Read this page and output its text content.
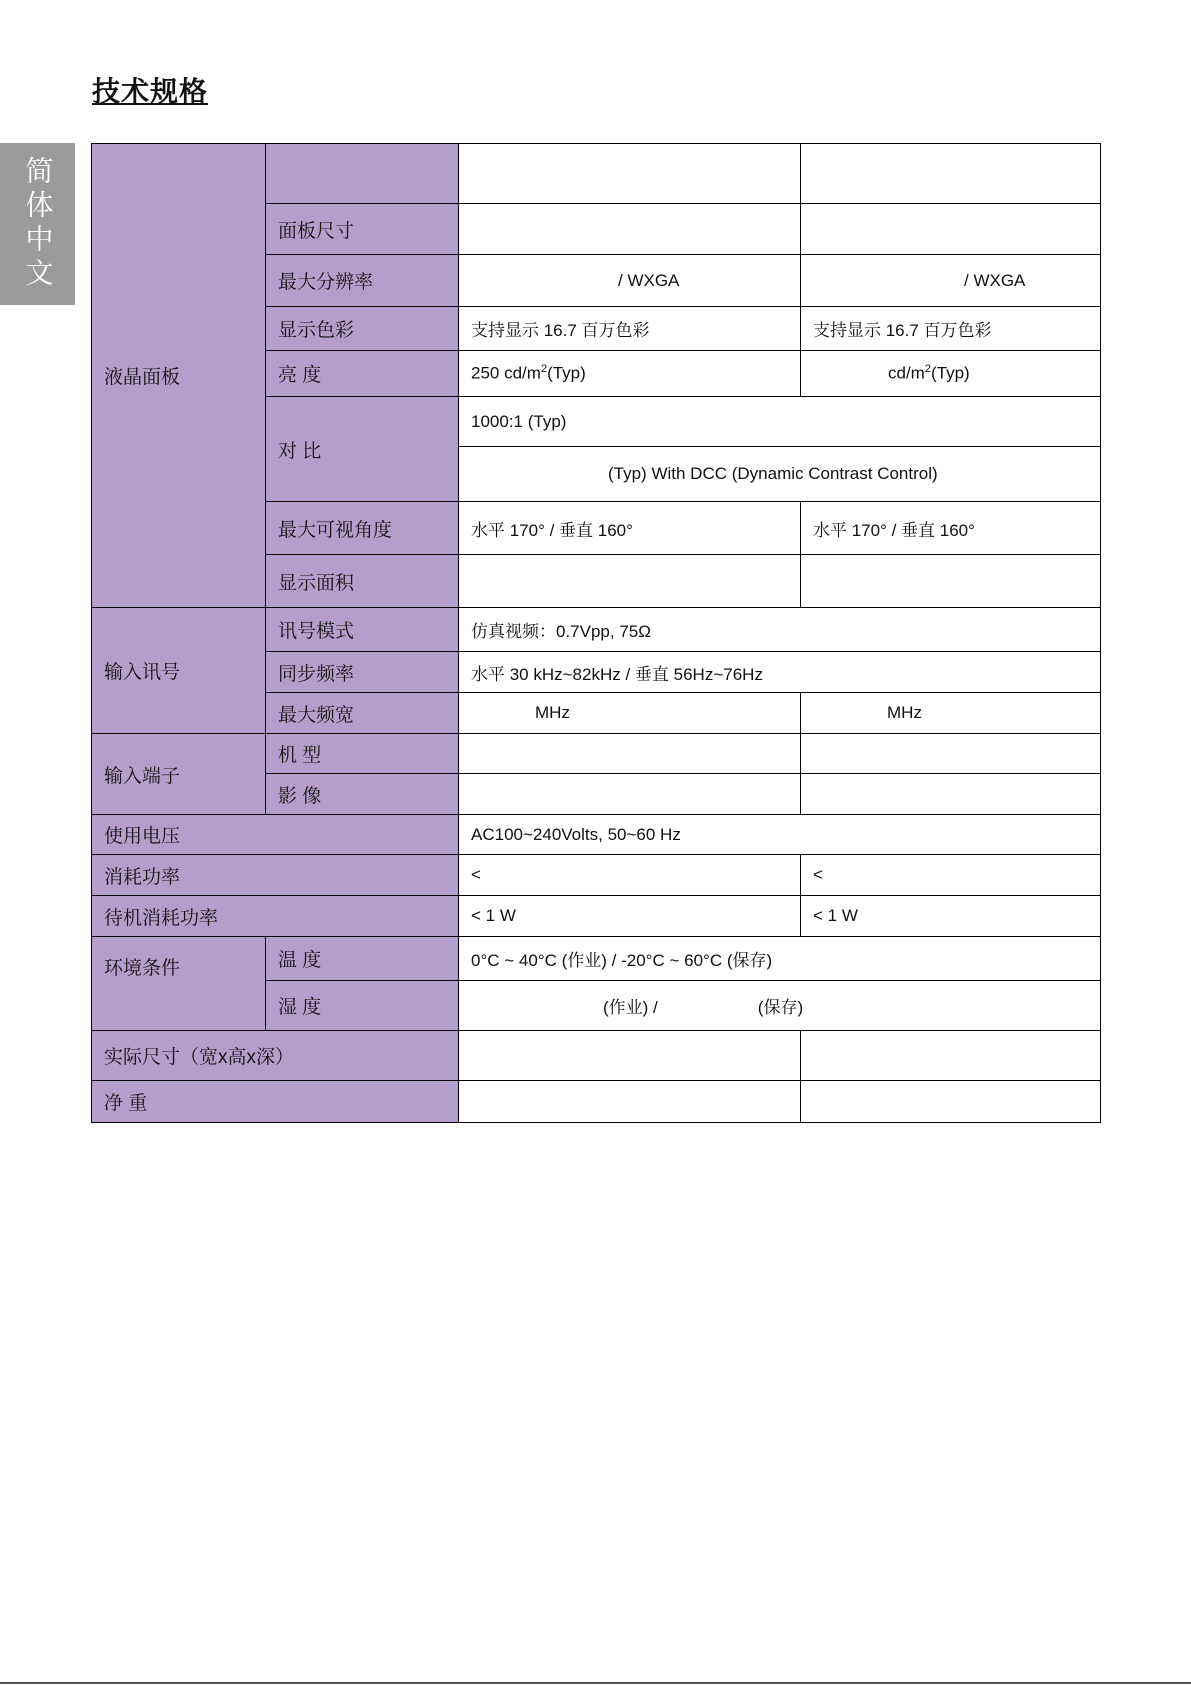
技术规格
简体中文
液晶面板			
	面板尺寸		
	最大分辨率	/ WXGA	/ WXGA
	显示色彩	支持显示 16.7 百万色彩	支持显示 16.7 百万色彩
	亮 度	250 $cd/m^2(Typ)$	$cd/m^2(Typ)$
	对 比	1000:1 (Typ)	
		(Typ) With DCC (Dynamic Contrast Control)	
	最大可视角度	水平 170° / 垂直 160°	水平 170° / 垂直 160°
	显示面积		
输入讯号	讯号模式	仿真视频：0.7Vpp, 75Ω	
	同步频率	水平 30 kHz~82kHz / 垂直 56Hz~76Hz	
	最大频宽	MHz	MHz
输入端子	机 型		
	影 像		
使用电压		AC100~240Volts, 50~60 Hz	
消耗功率		<	<
待机消耗功率		< 1 W	< 1 W
环境条件	温 度	0°C ~ 40°C (作业) / -20°C ~ 60°C (保存)	
	湿 度	(作业) / (保存)	
实际尺寸（宽x高x深）			
净 重			
